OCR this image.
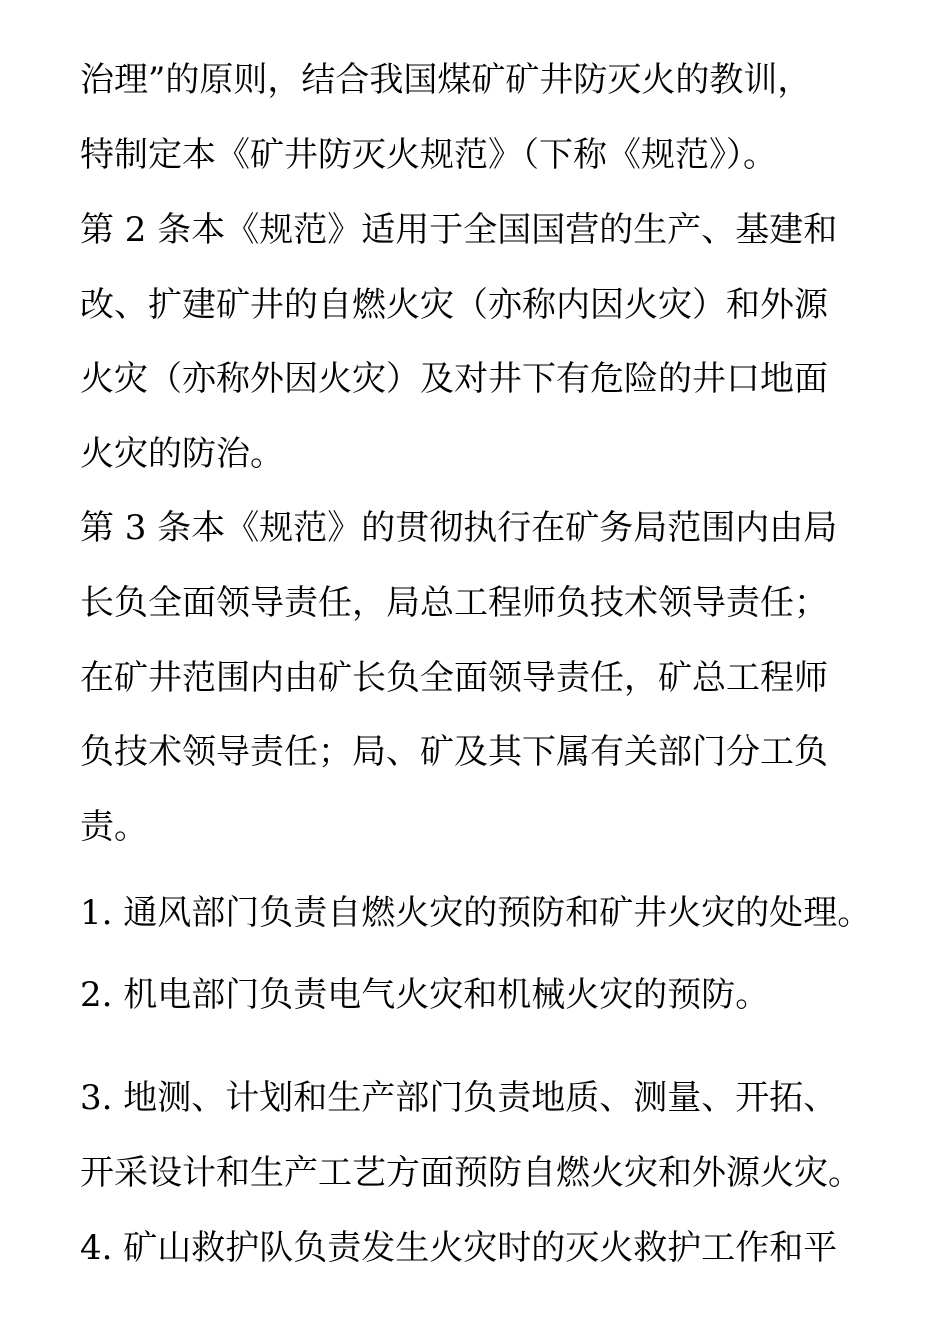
治理”的原则，结合我国煤矿矿井防灭火的教训，
特制定本《矿井防灭火规范》（下称《规范》）。
第 2 条本《规范》适用于全国国营的生产、基建和
改、扩建矿井的自燃火灾（亦称内因火灾）和外源
火灾（亦称外因火灾）及对井下有危险的井口地面
火灾的防治。
第 3 条本《规范》的贯彻执行在矿务局范围内由局
长负全面领导责任，局总工程师负技术领导责任；
在矿井范围内由矿长负全面领导责任，矿总工程师
负技术领导责任；局、矿及其下属有关部门分工负
责。
1. 通风部门负责自燃火灾的预防和矿井火灾的处理。
2. 机电部门负责电气火灾和机械火灾的预防。
3. 地测、计划和生产部门负责地质、测量、开拓、
开采设计和生产工艺方面预防自燃火灾和外源火灾。
4. 矿山救护队负责发生火灾时的灭火救护工作和平
